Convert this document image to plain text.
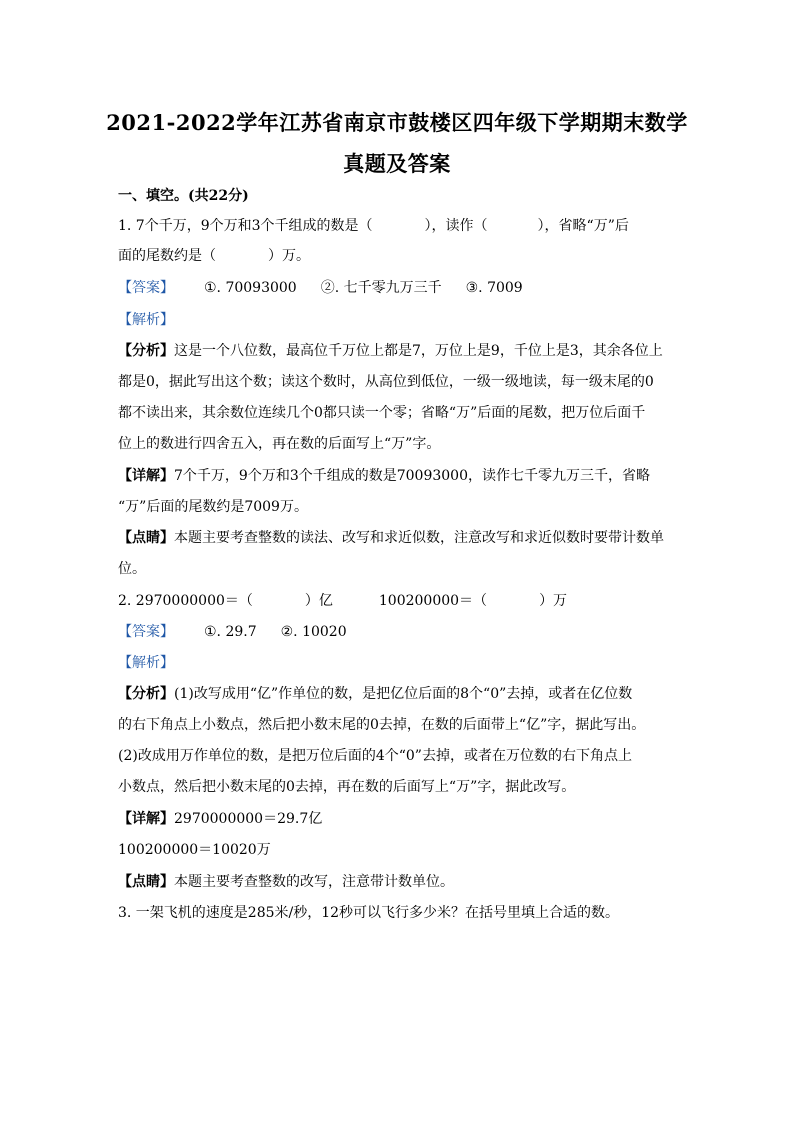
2021-2022学年江苏省南京市鼓楼区四年级下学期期末数学
真题及答案
一、填空。(共22分)
1. 7个千万，9个万和3个千组成的数是（	），读作（	），省略“万”后
面的尾数约是（	）万。
【答案】 ①. 70093000 ②. 七千零九万三千 ③. 7009
【解析】
【分析】这是一个八位数，最高位千万位上都是7，万位上是9，千位上是3，其余各位上
都是0，据此写出这个数；读这个数时，从高位到低位，一级一级地读，每一级末尾的0
都不读出来，其余数位连续几个0都只读一个零；省略“万”后面的尾数，把万位后面千
位上的数进行四舍五入，再在数的后面写上“万”字。
【详解】7个千万，9个万和3个千组成的数是70093000，读作七千零九万三千，省略
“万”后面的尾数约是7009万。
【点睛】本题主要考查整数的读法、改写和求近似数，注意改写和求近似数时要带计数单
位。
2. 2970000000＝（	）亿	100200000＝（	）万
【答案】 ①. 29.7 ②. 10020
【解析】
【分析】(1)改写成用“亿”作单位的数，是把亿位后面的8个“0”去掉，或者在亿位数
的右下角点上小数点，然后把小数末尾的0去掉，在数的后面带上“亿”字，据此写出。
(2)改成用万作单位的数，是把万位后面的4个“0”去掉，或者在万位数的右下角点上
小数点，然后把小数末尾的0去掉，再在数的后面写上“万”字，据此改写。
【详解】2970000000＝29.7亿
100200000＝10020万
【点睛】本题主要考查整数的改写，注意带计数单位。
3. 一架飞机的速度是285米/秒，12秒可以飞行多少米？在括号里填上合适的数。
